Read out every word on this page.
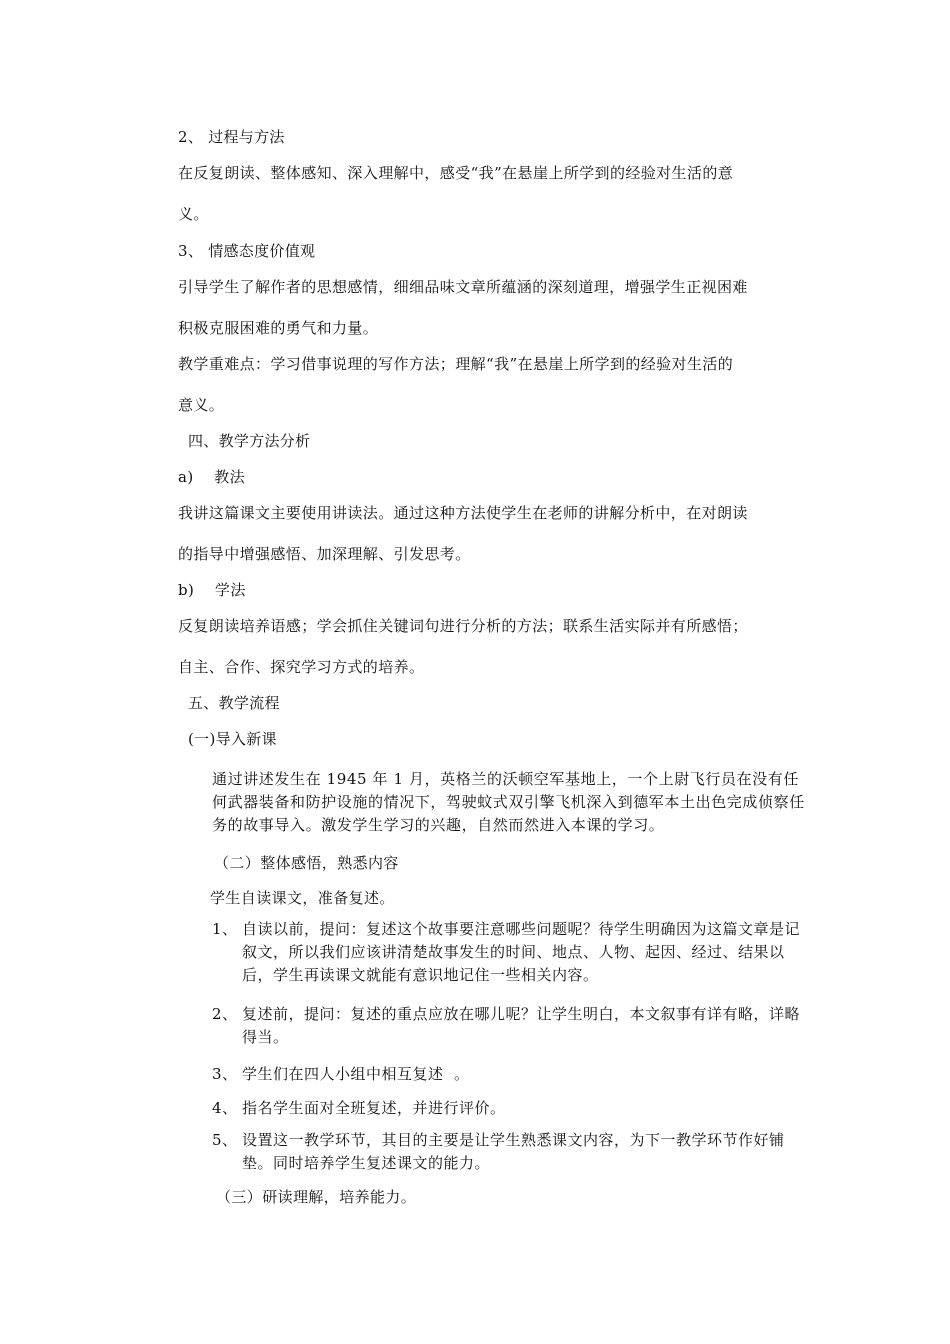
2、 过程与方法
在反复朗读、整体感知、深入理解中，感受“我”在悬崖上所学到的经验对生活的意
义。
3、 情感态度价值观
引导学生了解作者的思想感情，细细品味文章所蕴涵的深刻道理，增强学生正视困难
积极克服困难的勇气和力量。
教学重难点：学习借事说理的写作方法；理解“我”在悬崖上所学到的经验对生活的
意义。
四、教学方法分析
a)    教法
我讲这篇课文主要使用讲读法。通过这种方法使学生在老师的讲解分析中，在对朗读
的指导中增强感悟、加深理解、引发思考。
b)    学法
反复朗读培养语感；学会抓住关键词句进行分析的方法；联系生活实际并有所感悟；
自主、合作、探究学习方式的培养。
五、教学流程
(一)导入新课
通过讲述发生在 1945 年 1 月，英格兰的沃顿空军基地上，一个上尉飞行员在没有任何武器装备和防护设施的情况下，驾驶蚊式双引擎飞机深入到德军本土出色完成侦察任务的故事导入。激发学生学习的兴趣，自然而然进入本课的学习。
（二）整体感悟，熟悉内容
学生自读课文，准备复述。
1、 自读以前，提问：复述这个故事要注意哪些问题呢？待学生明确因为这篇文章是记叙文，所以我们应该讲清楚故事发生的时间、地点、人物、起因、经过、结果以后，学生再读课文就能有意识地记住一些相关内容。
2、 复述前，提问：复述的重点应放在哪儿呢？让学生明白，本文叙事有详有略，详略得当。
3、 学生们在四人小组中相互复述  。
4、 指名学生面对全班复述，并进行评价。
5、 设置这一教学环节，其目的主要是让学生熟悉课文内容，为下一教学环节作好铺垫。同时培养学生复述课文的能力。
（三）研读理解，培养能力。
